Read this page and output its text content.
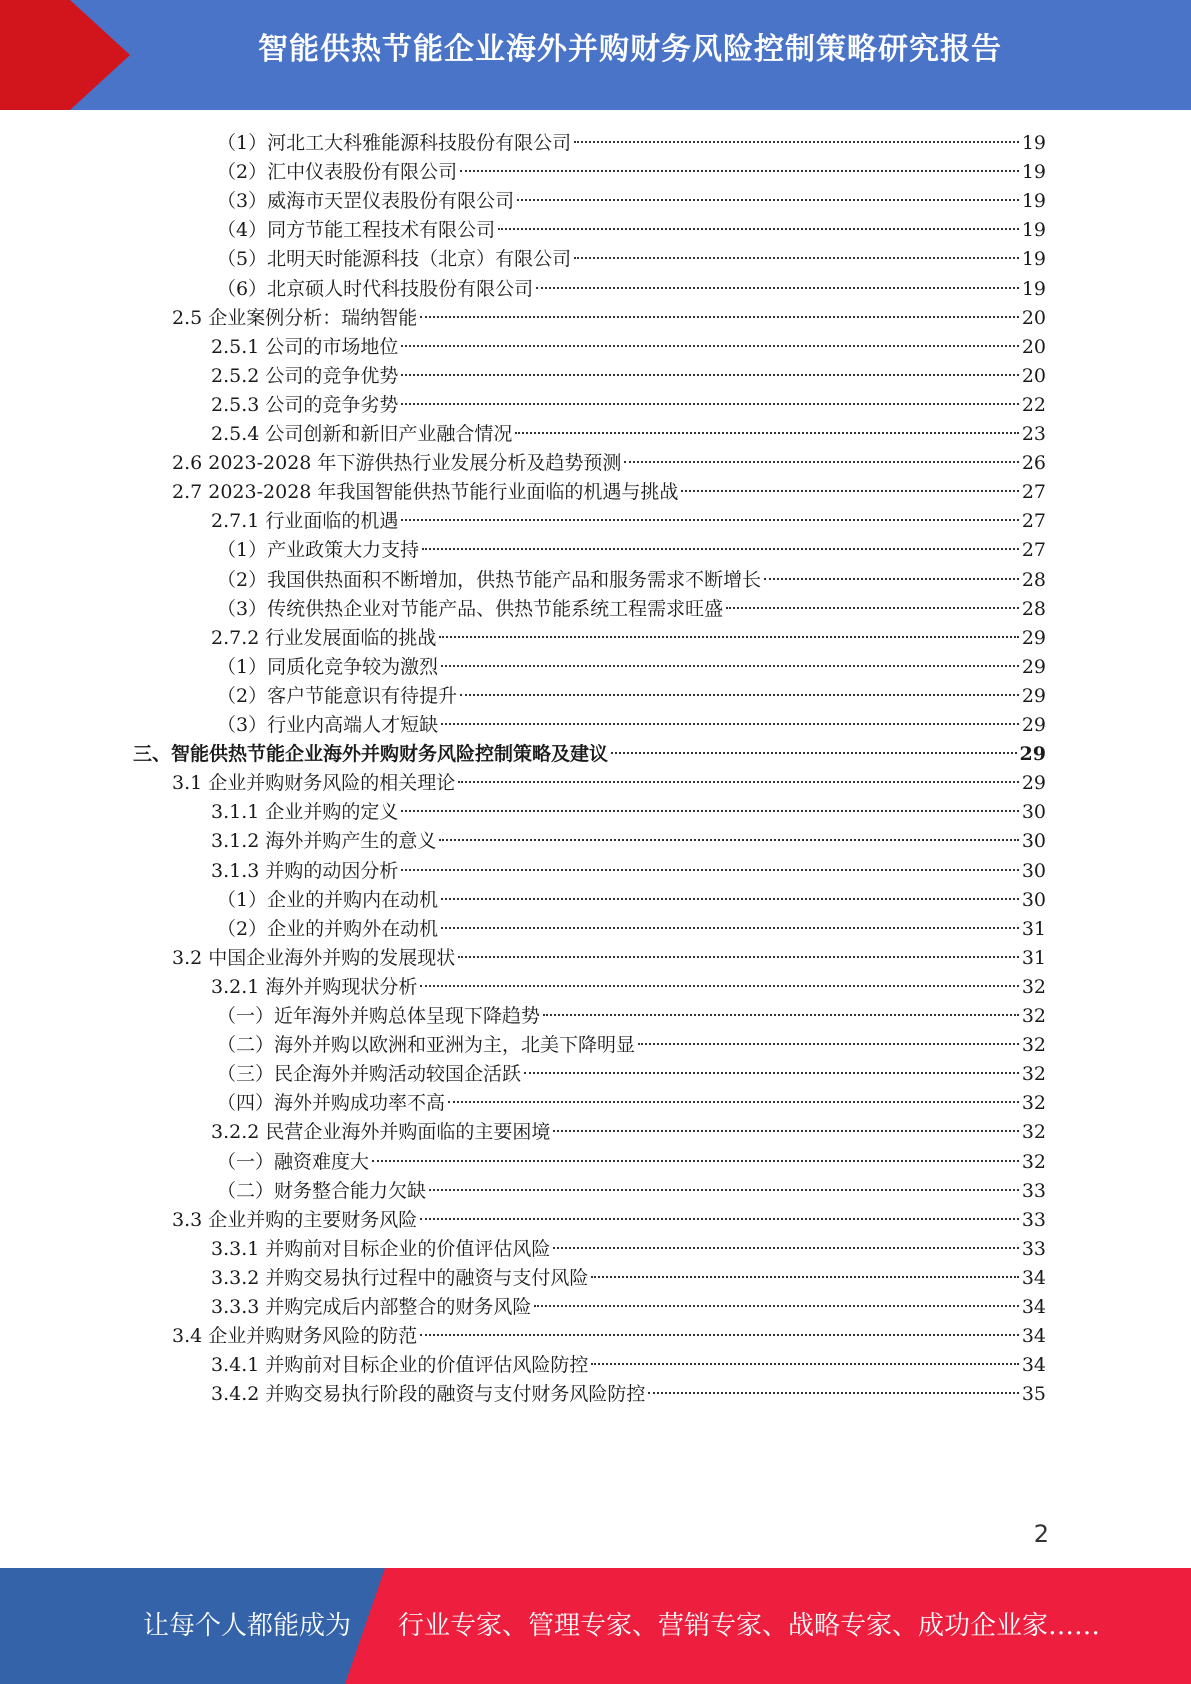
智能供热节能企业海外并购财务风险控制策略研究报告
（1）河北工大科雅能源科技股份有限公司	19
（2）汇中仪表股份有限公司	19
（3）威海市天罡仪表股份有限公司	19
（4）同方节能工程技术有限公司	19
（5）北明天时能源科技（北京）有限公司	19
（6）北京硕人时代科技股份有限公司	19
2.5 企业案例分析：瑞纳智能	20
2.5.1 公司的市场地位	20
2.5.2 公司的竞争优势	20
2.5.3 公司的竞争劣势	22
2.5.4 公司创新和新旧产业融合情况	23
2.6 2023-2028 年下游供热行业发展分析及趋势预测	26
2.7 2023-2028 年我国智能供热节能行业面临的机遇与挑战	27
2.7.1 行业面临的机遇	27
（1）产业政策大力支持	27
（2）我国供热面积不断增加，供热节能产品和服务需求不断增长	28
（3）传统供热企业对节能产品、供热节能系统工程需求旺盛	28
2.7.2 行业发展面临的挑战	29
（1）同质化竞争较为激烈	29
（2）客户节能意识有待提升	29
（3）行业内高端人才短缺	29
三、智能供热节能企业海外并购财务风险控制策略及建议	29
3.1 企业并购财务风险的相关理论	29
3.1.1 企业并购的定义	30
3.1.2 海外并购产生的意义	30
3.1.3 并购的动因分析	30
（1）企业的并购内在动机	30
（2）企业的并购外在动机	31
3.2 中国企业海外并购的发展现状	31
3.2.1 海外并购现状分析	32
（一）近年海外并购总体呈现下降趋势	32
（二）海外并购以欧洲和亚洲为主，北美下降明显	32
（三）民企海外并购活动较国企活跃	32
（四）海外并购成功率不高	32
3.2.2 民营企业海外并购面临的主要困境	32
（一）融资难度大	32
（二）财务整合能力欠缺	33
3.3 企业并购的主要财务风险	33
3.3.1 并购前对目标企业的价值评估风险	33
3.3.2 并购交易执行过程中的融资与支付风险	34
3.3.3 并购完成后内部整合的财务风险	34
3.4 企业并购财务风险的防范	34
3.4.1 并购前对目标企业的价值评估风险防控	34
3.4.2 并购交易执行阶段的融资与支付财务风险防控	35
2
让每个人都能成为 行业专家、管理专家、营销专家、战略专家、成功企业家……
